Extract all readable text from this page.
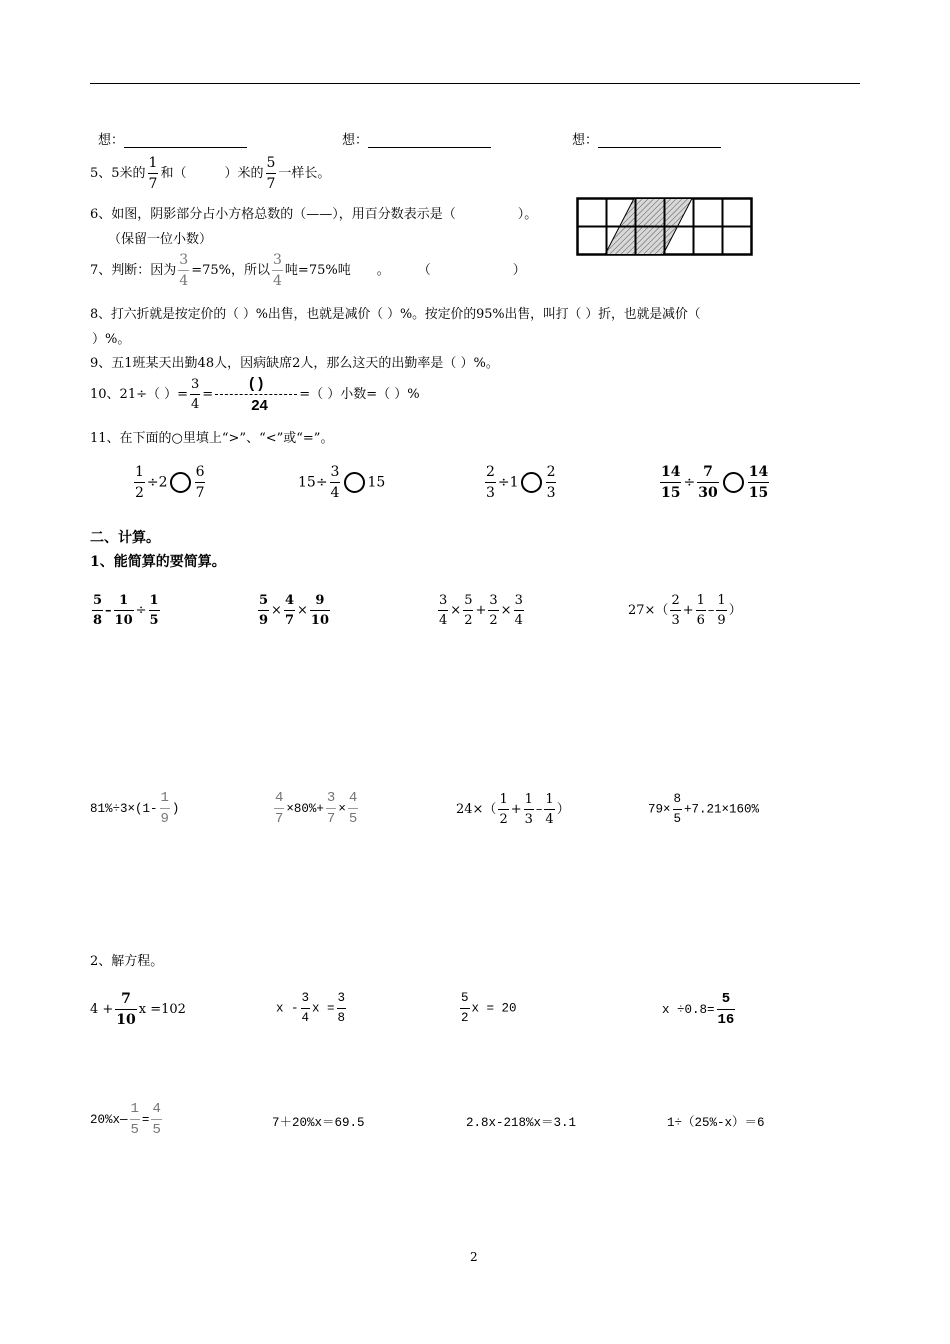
想：	想：	想：
5、5米的 $\frac{1}{7}$ 和（	）米的 $\frac{5}{7}$ 一样长。
6、如图，阴影部分占小方格总数的（——），用百分数表示是（	）。
（保留一位小数）
7、判断：因为 $\frac{3}{4} =75\%$，所以 $\frac{3}{4}$ 吨=75%吨 。 （	）
8、打六折就是按定价的（ ）%出售，也就是减价（ ）%。按定价的95%出售，叫打（ ）折，也就是减价（
）%。
9、五1班某天出勤48人，因病缺席2人，那么这天的出勤率是（ ）%。
10、21÷（ ）= $\frac{3}{4} = \frac{( )}{24}$ =（ ）小数=（ ）%
11、在下面的○里填上“>”、“<”或“=”。
$\frac{1}{2} \div 2 \frac{6}{7}$	$15\div \frac{3}{4} 15$	$\frac{2}{3} \div 1 \frac{2}{3}$	$\frac{14}{15} \div \frac{7}{30} \frac{14}{15}$
二、计算。
1、能简算的要简算。
$\frac{5}{8} - \frac{1}{10} \div \frac{1}{5}$	$\frac{5}{9} \times \frac{4}{7} \times \frac{9}{10}$	$\frac{3}{4} \times \frac{5}{2} + \frac{3}{2} \times \frac{3}{4}$	$27\times( \frac{2}{3} + \frac{1}{6} - \frac{1}{9}$ ）
$81\%\div 3\times(1- \frac{1}{9}$ )	$\frac{4}{7} \times 80\%+ \frac{3}{7} \times \frac{4}{5}$	$24\times( \frac{1}{2} + \frac{1}{3} - \frac{1}{4}$ ）	$79\times \frac{8}{5} +7.21\times 160\%$
2、解方程。
$4 + \frac{7}{10}$ x =102	x - $\frac{3}{4}$ $x = \frac{3}{8}$	$\frac{5}{2}$ x = 20	$x \div 0.8= \frac{5}{16}$
20%x— $\frac{1}{5} = \frac{4}{5}$	7＋20%x＝69.5	2.8x-218%x＝3.1	1÷（25%-x）＝6
2
